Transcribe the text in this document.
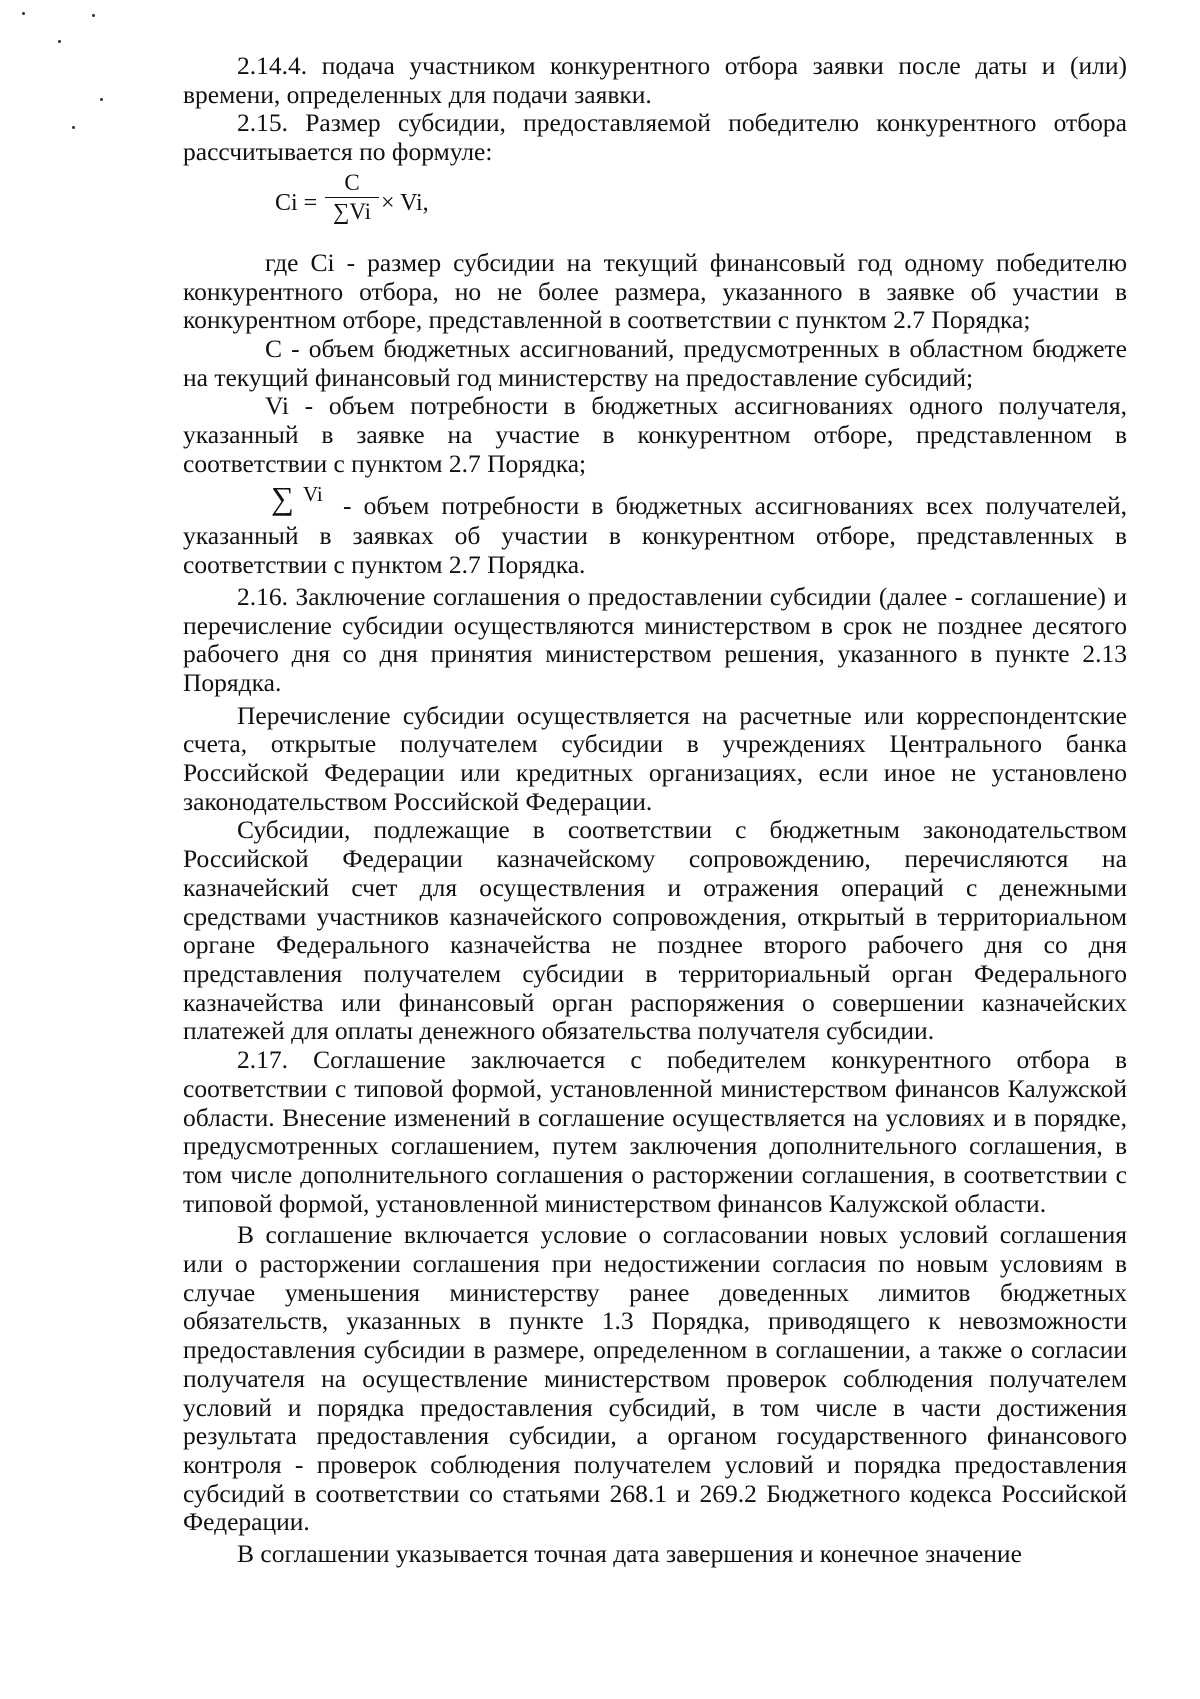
2.14.4. подача участником конкурентного отбора заявки после даты и (или) времени, определенных для подачи заявки.

2.15. Размер субсидии, предоставляемой победителю конкурентного отбора рассчитывается по формуле:

$Ci = \frac{C}{\sum Vi} \times Vi$,

где Ci - размер субсидии на текущий финансовый год одному победителю конкурентного отбора, но не более размера, указанного в заявке об участии в конкурентном отборе, представленной в соответствии с пунктом 2.7 Порядка;

С - объем бюджетных ассигнований, предусмотренных в областном бюджете на текущий финансовый год министерству на предоставление субсидий;

Vi - объем потребности в бюджетных ассигнованиях одного получателя, указанный в заявке на участие в конкурентном отборе, представленном в соответствии с пунктом 2.7 Порядка;

∑ Vi - объем потребности в бюджетных ассигнованиях всех получателей,

указанный в заявках об участии в конкурентном отборе, представленных в соответствии с пунктом 2.7 Порядка.

2.16. Заключение соглашения о предоставлении субсидии (далее - соглашение) и перечисление субсидии осуществляются министерством в срок не позднее десятого рабочего дня со дня принятия министерством решения, указанного в пункте 2.13 Порядка.

Перечисление субсидии осуществляется на расчетные или корреспондентские счета, открытые получателем субсидии в учреждениях Центрального банка Российской Федерации или кредитных организациях, если иное не установлено законодательством Российской Федерации.

Субсидии, подлежащие в соответствии с бюджетным законодательством Российской Федерации казначейскому сопровождению, перечисляются на казначейский счет для осуществления и отражения операций с денежными средствами участников казначейского сопровождения, открытый в территориальном органе Федерального казначейства не позднее второго рабочего дня со дня представления получателем субсидии в территориальный орган Федерального казначейства или финансовый орган распоряжения о совершении казначейских платежей для оплаты денежного обязательства получателя субсидии.

2.17. Соглашение заключается с победителем конкурентного отбора в соответствии с типовой формой, установленной министерством финансов Калужской области. Внесение изменений в соглашение осуществляется на условиях и в порядке, предусмотренных соглашением, путем заключения дополнительного соглашения, в том числе дополнительного соглашения о расторжении соглашения, в соответствии с типовой формой, установленной министерством финансов Калужской области.

В соглашение включается условие о согласовании новых условий соглашения или о расторжении соглашения при недостижении согласия по новым условиям в случае уменьшения министерству ранее доведенных лимитов бюджетных обязательств, указанных в пункте 1.3 Порядка, приводящего к невозможности предоставления субсидии в размере, определенном в соглашении, а также о согласии получателя на осуществление министерством проверок соблюдения получателем условий и порядка предоставления субсидий, в том числе в части достижения результата предоставления субсидии, а органом государственного финансового контроля - проверок соблюдения получателем условий и порядка предоставления субсидий в соответствии со статьями 268.1 и 269.2 Бюджетного кодекса Российской Федерации.

В соглашении указывается точная дата завершения и конечное значение
